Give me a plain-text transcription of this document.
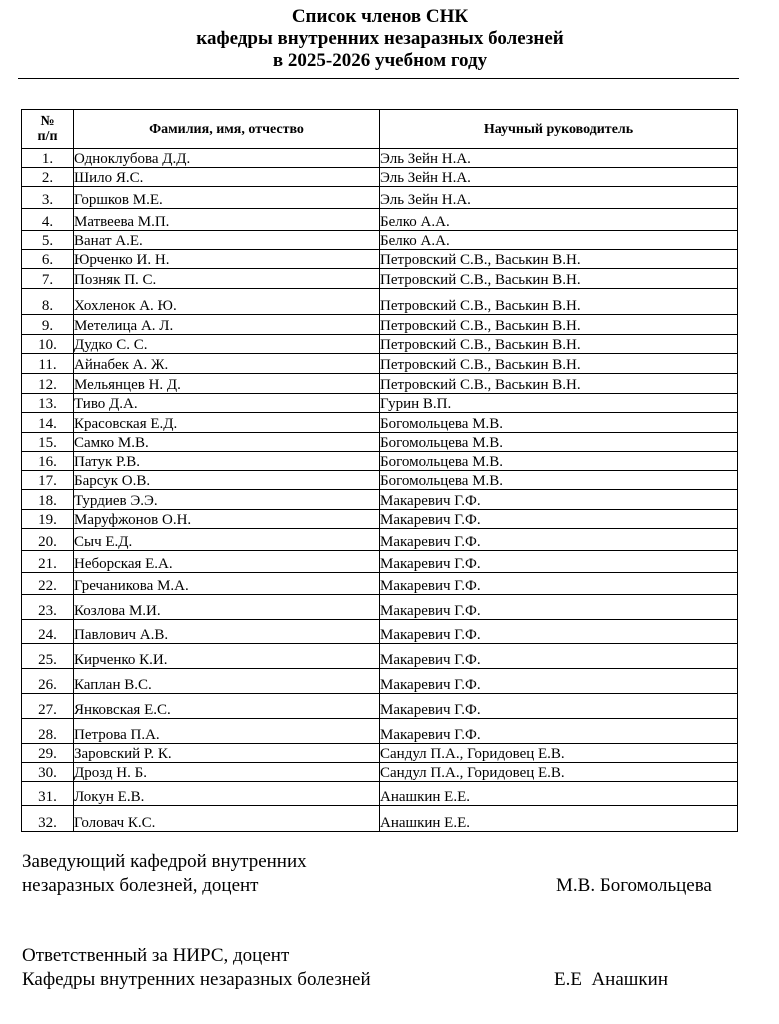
Список членов СНК
кафедры внутренних незаразных болезней
в 2025-2026 учебном году
№
п/п	Фамилия, имя, отчество	Научный руководитель
1.	Одноклубова Д.Д.	Эль Зейн Н.А.
2.	Шило Я.С.	Эль Зейн Н.А.
3.	Горшков М.Е.	Эль Зейн Н.А.
4.	Матвеева М.П.	Белко А.А.
5.	Ванат А.Е.	Белко А.А.
6.	Юрченко И. Н.	Петровский С.В., Васькин В.Н.
7.	Позняк П. С.	Петровский С.В., Васькин В.Н.
8.	Хохленок А. Ю.	Петровский С.В., Васькин В.Н.
9.	Метелица А. Л.	Петровский С.В., Васькин В.Н.
10.	Дудко С. С.	Петровский С.В., Васькин В.Н.
11.	Айнабек А. Ж.	Петровский С.В., Васькин В.Н.
12.	Мельянцев Н. Д.	Петровский С.В., Васькин В.Н.
13.	Тиво Д.А.	Гурин В.П.
14.	Красовская Е.Д.	Богомольцева М.В.
15.	Самко М.В.	Богомольцева М.В.
16.	Патук Р.В.	Богомольцева М.В.
17.	Барсук О.В.	Богомольцева М.В.
18.	Турдиев Э.Э.	Макаревич Г.Ф.
19.	Маруфжонов О.Н.	Макаревич Г.Ф.
20.	Сыч Е.Д.	Макаревич Г.Ф.
21.	Неборская Е.А.	Макаревич Г.Ф.
22.	Гречаникова М.А.	Макаревич Г.Ф.
23.	Козлова М.И.	Макаревич Г.Ф.
24.	Павлович А.В.	Макаревич Г.Ф.
25.	Кирченко К.И.	Макаревич Г.Ф.
26.	Каплан В.С.	Макаревич Г.Ф.
27.	Янковская Е.С.	Макаревич Г.Ф.
28.	Петрова П.А.	Макаревич Г.Ф.
29.	Заровский Р. К.	Сандул П.А., Горидовец Е.В.
30.	Дрозд Н. Б.	Сандул П.А., Горидовец Е.В.
31.	Локун Е.В.	Анашкин Е.Е.
32.	Головач К.С.	Анашкин Е.Е.
Заведующий кафедрой внутренних
незаразных болезней, доцент	М.В. Богомольцева
Ответственный за НИРС, доцент
Кафедры внутренних незаразных болезней	Е.Е  Анашкин
